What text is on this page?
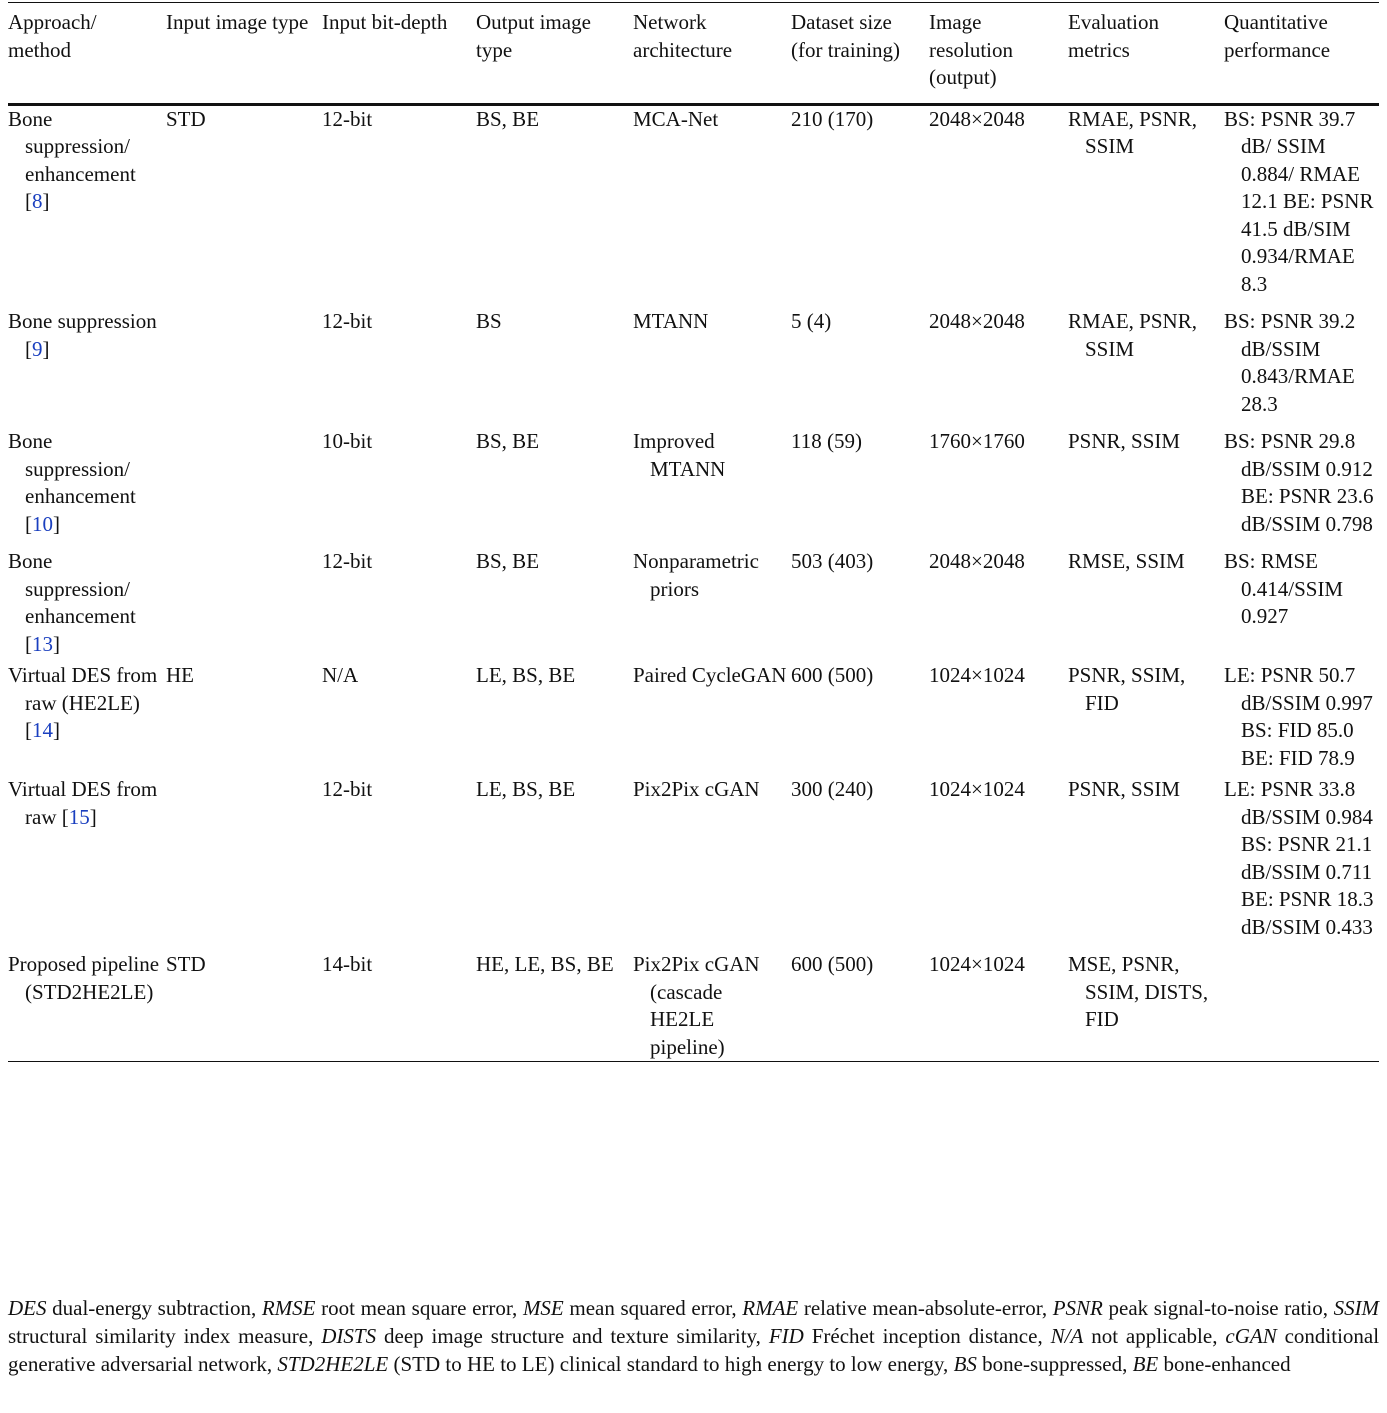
Approach/ method	Input image type	Input bit-depth	Output image type	Network architecture	Dataset size (for training)	Image resolution (output)	Evaluation metrics	Quantitative performance

Bone suppression/ enhancement [8]	STD	12-bit	BS, BE	MCA-Net	210 (170)	2048×2048	RMAE, PSNR, SSIM	BS: PSNR 39.7 dB/ SSIM 0.884/ RMAE 12.1 BE: PSNR 41.5 dB/SIM 0.934/RMAE 8.3

Bone suppression [9]		12-bit	BS	MTANN	5 (4)	2048×2048	RMAE, PSNR, SSIM	BS: PSNR 39.2 dB/SSIM 0.843/RMAE 28.3

Bone suppression/ enhancement [10]		10-bit	BS, BE	Improved MTANN	118 (59)	1760×1760	PSNR, SSIM	BS: PSNR 29.8 dB/SSIM 0.912 BE: PSNR 23.6 dB/SSIM 0.798

Bone suppression/ enhancement [13]		12-bit	BS, BE	Nonparametric priors	503 (403)	2048×2048	RMSE, SSIM	BS: RMSE 0.414/SSIM 0.927

Virtual DES from raw (HE2LE) [14]	HE	N/A	LE, BS, BE	Paired CycleGAN	600 (500)	1024×1024	PSNR, SSIM, FID	LE: PSNR 50.7 dB/SSIM 0.997 BS: FID 85.0 BE: FID 78.9

Virtual DES from raw [15]		12-bit	LE, BS, BE	Pix2Pix cGAN	300 (240)	1024×1024	PSNR, SSIM	LE: PSNR 33.8 dB/SSIM 0.984 BS: PSNR 21.1 dB/SSIM 0.711 BE: PSNR 18.3 dB/SSIM 0.433

Proposed pipeline (STD2HE2LE)	STD	14-bit	HE, LE, BS, BE	Pix2Pix cGAN (cascade HE2LE pipeline)	600 (500)	1024×1024	MSE, PSNR, SSIM, DISTS, FID	

DES dual-energy subtraction, RMSE root mean square error, MSE mean squared error, RMAE relative mean-absolute-error, PSNR peak signal-to-noise ratio, SSIM structural similarity index measure, DISTS deep image structure and texture similarity, FID Fréchet inception distance, N/A not applicable, cGAN conditional generative adversarial network, STD2HE2LE (STD to HE to LE) clinical standard to high energy to low energy, BS bone-suppressed, BE bone-enhanced
